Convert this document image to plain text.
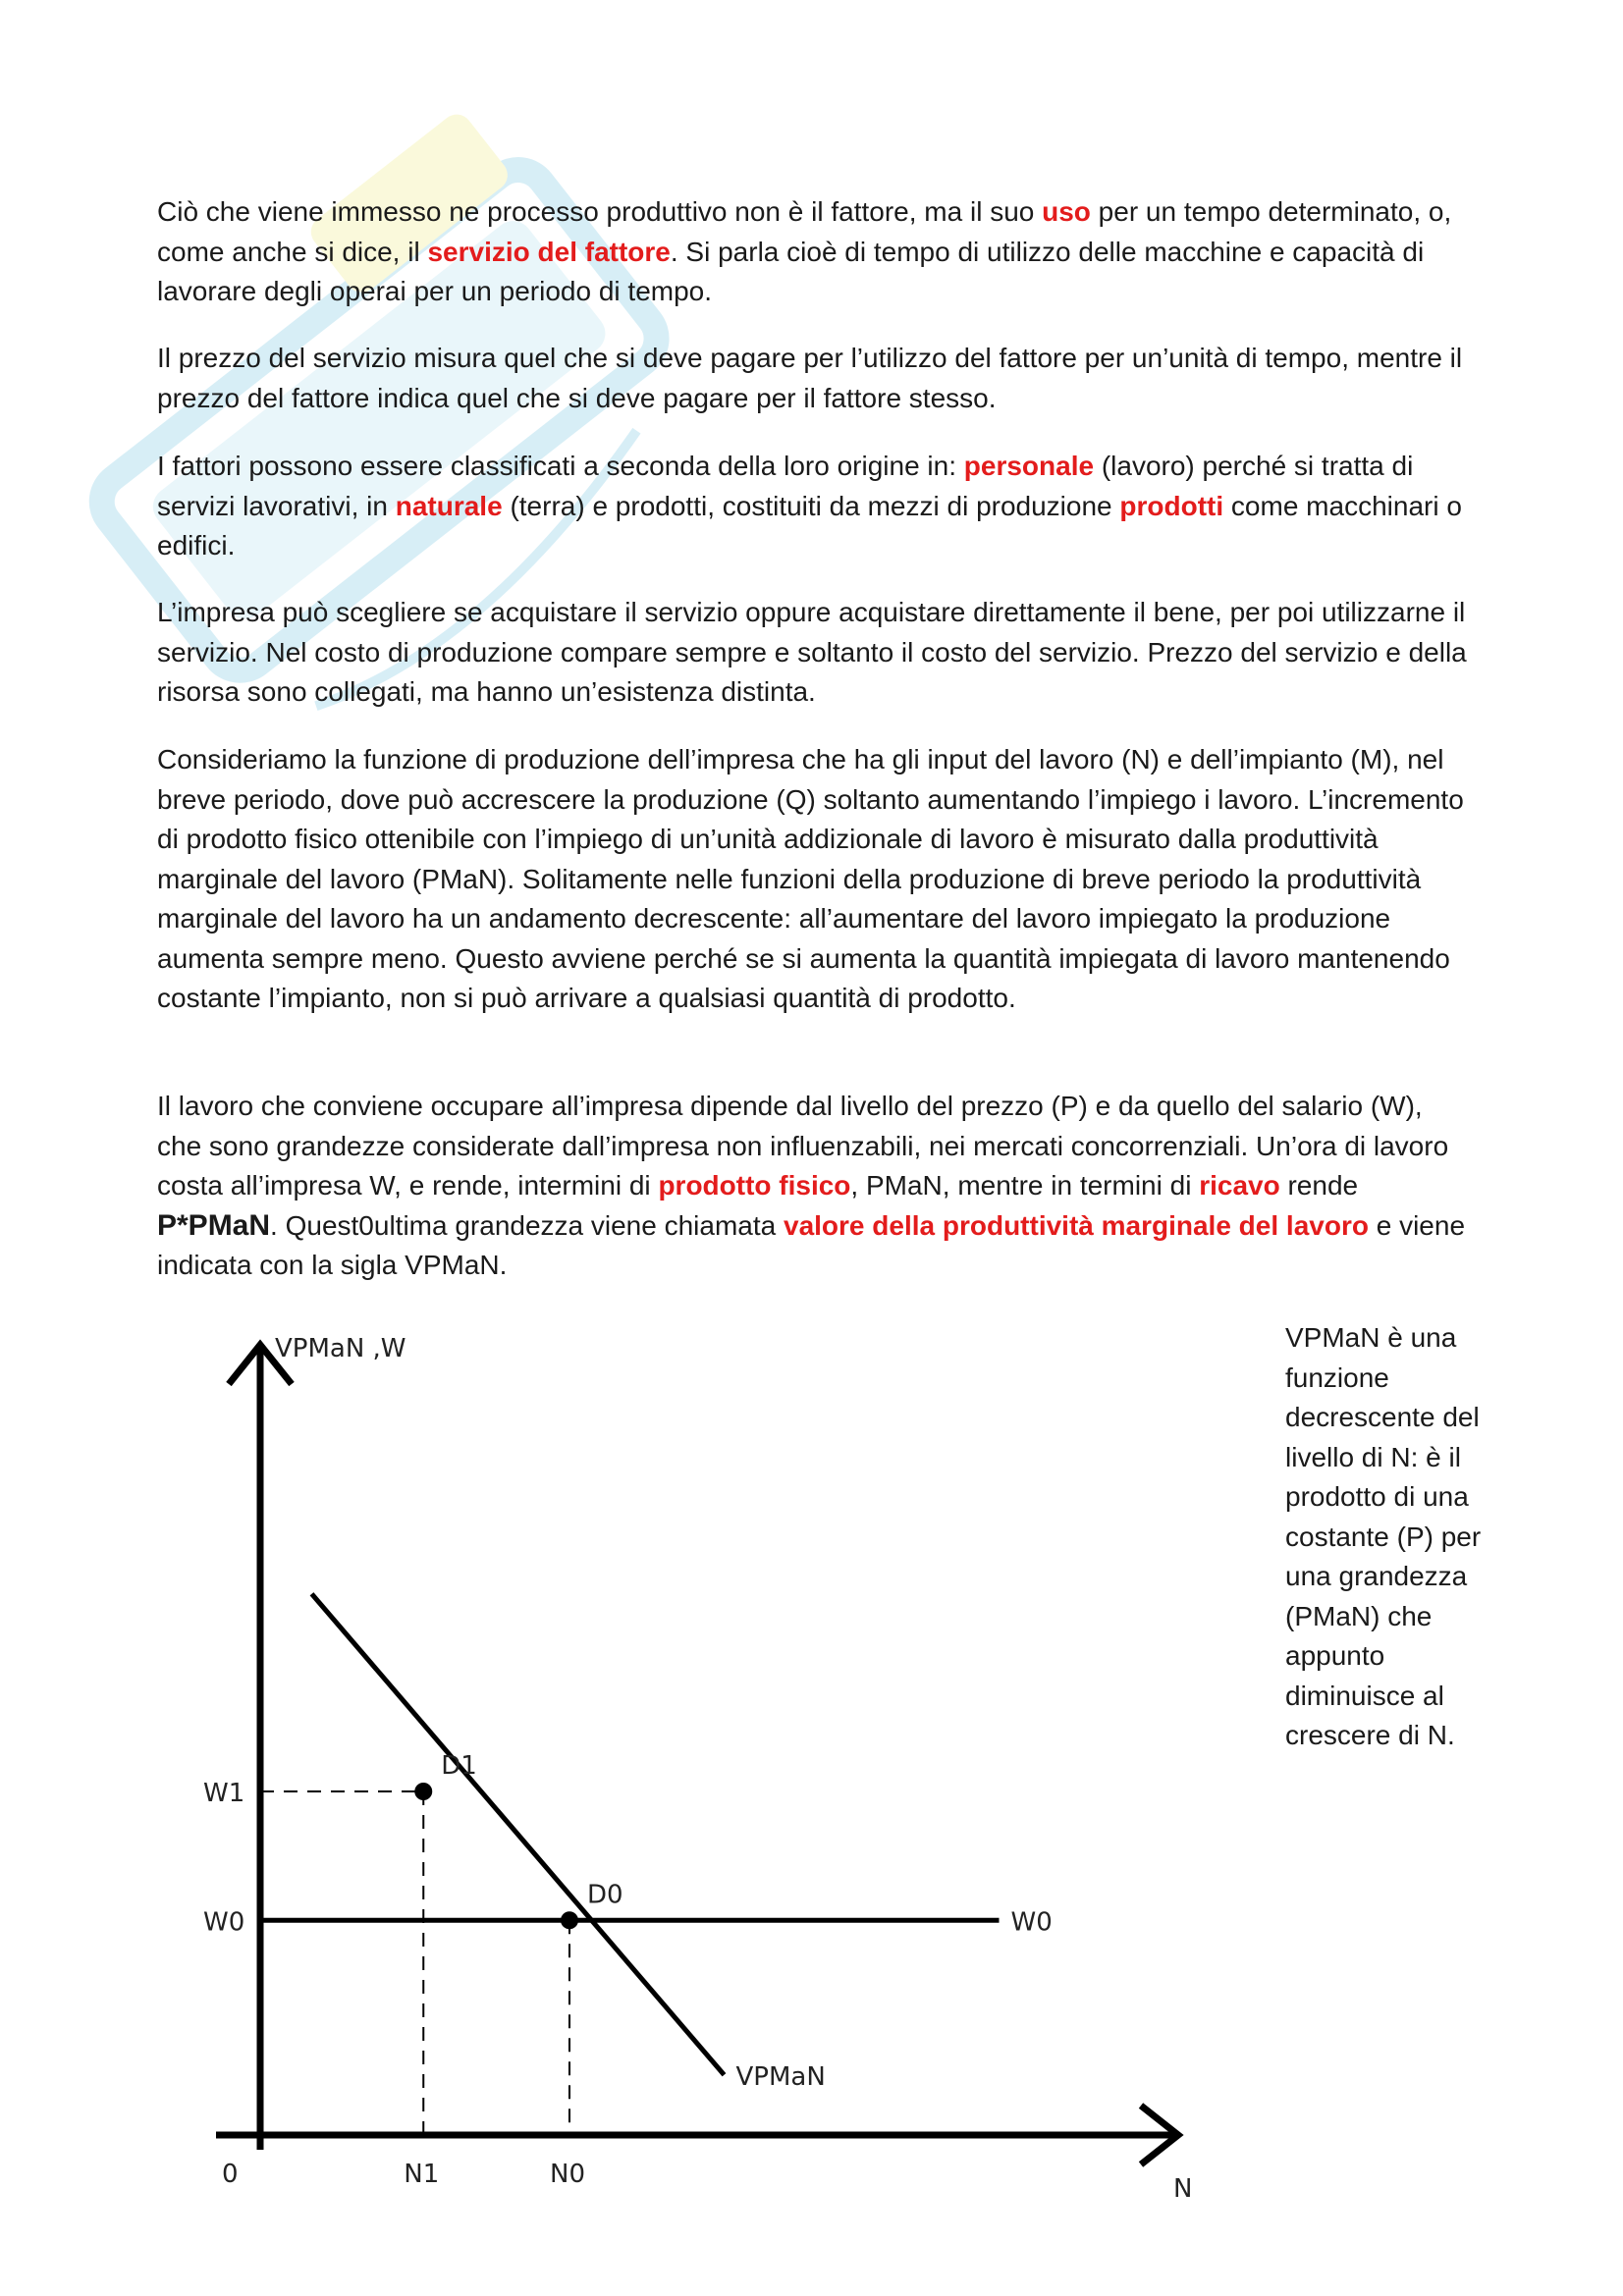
Ciò che viene immesso ne processo produttivo non è il fattore, ma il suo uso per un tempo determinato, o, come anche si dice, il servizio del fattore. Si parla cioè di tempo di utilizzo delle macchine e capacità di lavorare degli operai per un periodo di tempo.

Il prezzo del servizio misura quel che si deve pagare per l’utilizzo del fattore per un’unità di tempo, mentre il prezzo del fattore indica quel che si deve pagare per il fattore stesso.

I fattori possono essere classificati a seconda della loro origine in: personale (lavoro) perché si tratta di servizi lavorativi, in naturale (terra) e prodotti, costituiti da mezzi di produzione prodotti come macchinari o edifici.

L’impresa può scegliere se acquistare il servizio oppure acquistare direttamente il bene, per poi utilizzarne il servizio. Nel costo di produzione compare sempre e soltanto il costo del servizio. Prezzo del servizio e della risorsa sono collegati, ma hanno un’esistenza distinta.

Consideriamo la funzione di produzione dell’impresa che ha gli input del lavoro (N) e dell’impianto (M), nel breve periodo, dove può accrescere la produzione (Q) soltanto aumentando l’impiego i lavoro. L’incremento di prodotto fisico ottenibile con l’impiego di un’unità addizionale di lavoro è misurato dalla produttività marginale del lavoro (PMaN). Solitamente nelle funzioni della produzione di breve periodo la produttività marginale del lavoro ha un andamento decrescente: all’aumentare del lavoro impiegato la produzione aumenta sempre meno. Questo avviene perché se si aumenta la quantità impiegata di lavoro mantenendo costante l’impianto, non si può arrivare a qualsiasi quantità di prodotto.

Il lavoro che conviene occupare all’impresa dipende dal livello del prezzo (P) e da quello del salario (W), che sono grandezze considerate dall’impresa non influenzabili, nei mercati concorrenziali. Un’ora di lavoro costa all’impresa W, e rende, intermini di prodotto fisico, PMaN, mentre in termini di ricavo rende P*PMaN. Quest0ultima grandezza viene chiamata valore della produttività marginale del lavoro e viene indicata con la sigla VPMaN.

VPMaN ,W
N
0
VPMaN
W0
D1
D0
N1	N0
W1
W0

VPMaN è una funzione decrescente del livello di N: è il prodotto di una costante (P) per una grandezza (PMaN) che appunto diminuisce al crescere di N.
